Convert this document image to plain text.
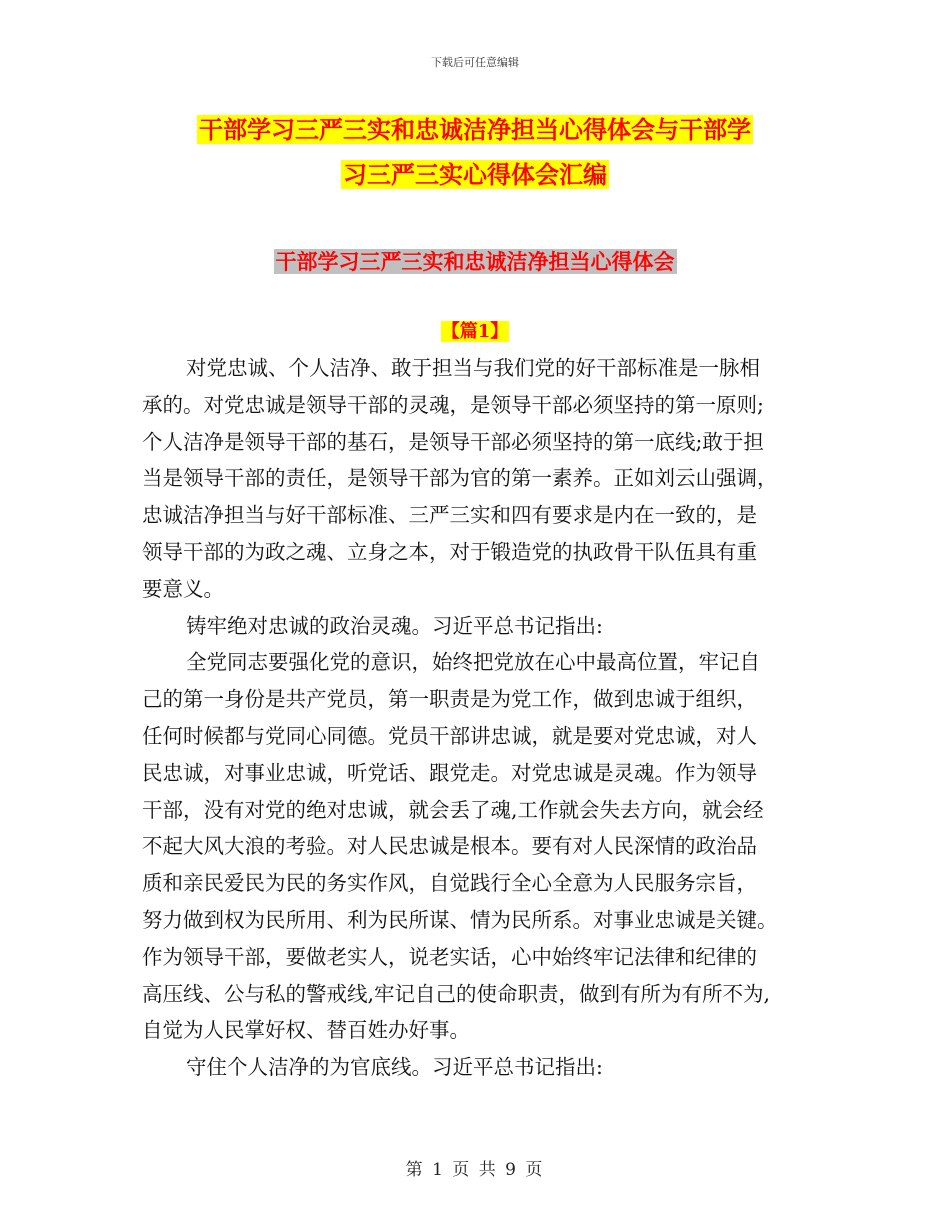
下载后可任意编辑
干部学习三严三实和忠诚洁净担当心得体会与干部学
习三严三实心得体会汇编
干部学习三严三实和忠诚洁净担当心得体会
【篇1】
对党忠诚、个人洁净、敢于担当与我们党的好干部标准是一脉相
承的。对党忠诚是领导干部的灵魂，是领导干部必须坚持的第一原则;
个人洁净是领导干部的基石，是领导干部必须坚持的第一底线;敢于担
当是领导干部的责任，是领导干部为官的第一素养。正如刘云山强调，
忠诚洁净担当与好干部标准、三严三实和四有要求是内在一致的，是
领导干部的为政之魂、立身之本，对于锻造党的执政骨干队伍具有重
要意义。
铸牢绝对忠诚的政治灵魂。习近平总书记指出:
全党同志要强化党的意识，始终把党放在心中最高位置，牢记自
己的第一身份是共产党员，第一职责是为党工作，做到忠诚于组织，
任何时候都与党同心同德。党员干部讲忠诚，就是要对党忠诚，对人
民忠诚，对事业忠诚，听党话、跟党走。对党忠诚是灵魂。作为领导
干部，没有对党的绝对忠诚，就会丢了魂,工作就会失去方向，就会经
不起大风大浪的考验。对人民忠诚是根本。要有对人民深情的政治品
质和亲民爱民为民的务实作风，自觉践行全心全意为人民服务宗旨，
努力做到权为民所用、利为民所谋、情为民所系。对事业忠诚是关键。
作为领导干部，要做老实人，说老实话，心中始终牢记法律和纪律的
高压线、公与私的警戒线,牢记自己的使命职责，做到有所为有所不为,
自觉为人民掌好权、替百姓办好事。
守住个人洁净的为官底线。习近平总书记指出:
第 1 页 共 9 页
